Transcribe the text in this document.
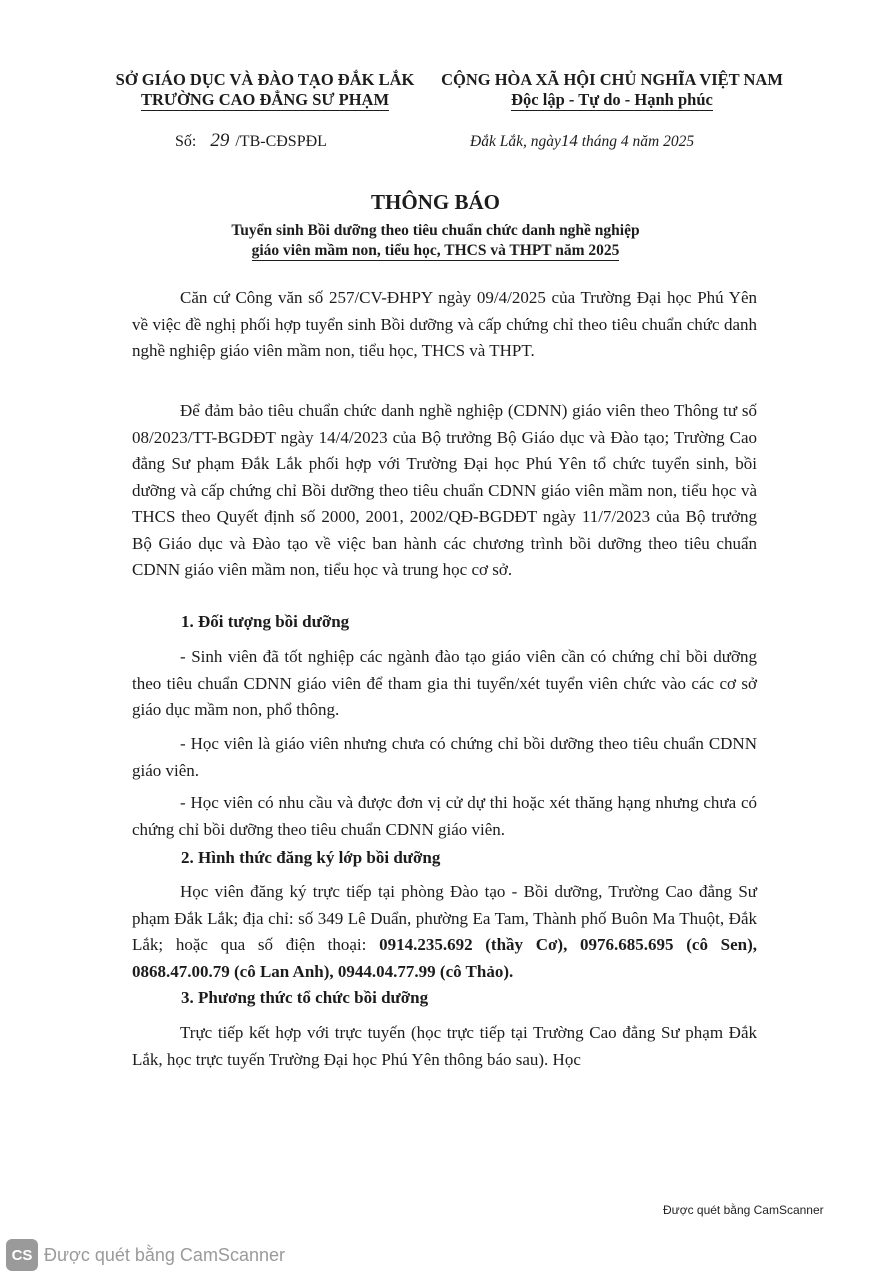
SỞ GIÁO DỤC VÀ ĐÀO TẠO ĐẮK LẮK
TRƯỜNG CAO ĐẲNG SƯ PHẠM
CỘNG HÒA XÃ HỘI CHỦ NGHĨA VIỆT NAM
Độc lập - Tự do - Hạnh phúc
Số: 29 /TB-CĐSPĐL	Đắk Lắk, ngày14 tháng 4 năm 2025
THÔNG BÁO
Tuyển sinh Bồi dưỡng theo tiêu chuẩn chức danh nghề nghiệp
giáo viên mầm non, tiểu học, THCS và THPT năm 2025

Căn cứ Công văn số 257/CV-ĐHPY ngày 09/4/2025 của Trường Đại học Phú Yên về việc đề nghị phối hợp tuyển sinh Bồi dưỡng và cấp chứng chỉ theo tiêu chuẩn chức danh nghề nghiệp giáo viên mầm non, tiểu học, THCS và THPT.

Để đảm bảo tiêu chuẩn chức danh nghề nghiệp (CDNN) giáo viên theo Thông tư số 08/2023/TT-BGDĐT ngày 14/4/2023 của Bộ trưởng Bộ Giáo dục và Đào tạo; Trường Cao đẳng Sư phạm Đắk Lắk phối hợp với Trường Đại học Phú Yên tổ chức tuyển sinh, bồi dưỡng và cấp chứng chỉ Bồi dưỡng theo tiêu chuẩn CDNN giáo viên mầm non, tiểu học và THCS theo Quyết định số 2000, 2001, 2002/QĐ-BGDĐT ngày 11/7/2023 của Bộ trưởng Bộ Giáo dục và Đào tạo về việc ban hành các chương trình bồi dưỡng theo tiêu chuẩn CDNN giáo viên mầm non, tiểu học và trung học cơ sở.

1. Đối tượng bồi dưỡng

- Sinh viên đã tốt nghiệp các ngành đào tạo giáo viên cần có chứng chỉ bồi dưỡng theo tiêu chuẩn CDNN giáo viên để tham gia thi tuyển/xét tuyển viên chức vào các cơ sở giáo dục mầm non, phổ thông.

- Học viên là giáo viên nhưng chưa có chứng chỉ bồi dưỡng theo tiêu chuẩn CDNN giáo viên.

- Học viên có nhu cầu và được đơn vị cử dự thi hoặc xét thăng hạng nhưng chưa có chứng chỉ bồi dưỡng theo tiêu chuẩn CDNN giáo viên.

2. Hình thức đăng ký lớp bồi dưỡng

Học viên đăng ký trực tiếp tại phòng Đào tạo - Bồi dưỡng, Trường Cao đẳng Sư phạm Đắk Lắk; địa chỉ: số 349 Lê Duẩn, phường Ea Tam, Thành phố Buôn Ma Thuột, Đắk Lắk; hoặc qua số điện thoại: 0914.235.692 (thầy Cơ), 0976.685.695 (cô Sen), 0868.47.00.79 (cô Lan Anh), 0944.04.77.99 (cô Thảo).

3. Phương thức tổ chức bồi dưỡng

Trực tiếp kết hợp với trực tuyến (học trực tiếp tại Trường Cao đẳng Sư phạm Đắk Lắk, học trực tuyến Trường Đại học Phú Yên thông báo sau). Học

Được quét bằng CamScanner
CS Được quét bằng CamScanner
